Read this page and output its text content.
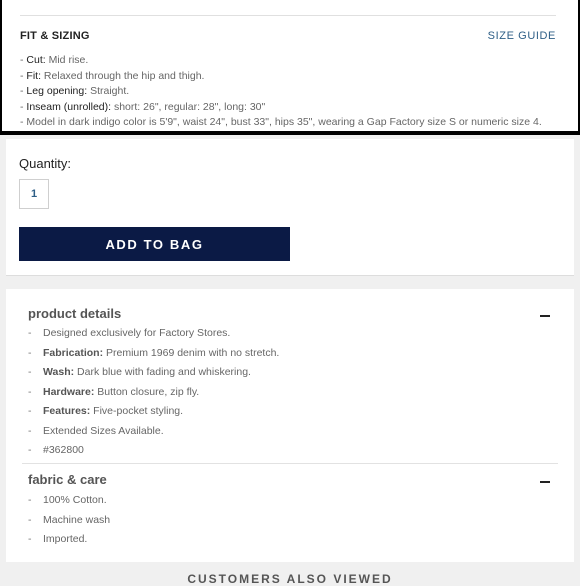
FIT & SIZING	SIZE GUIDE
- Cut: Mid rise.
- Fit: Relaxed through the hip and thigh.
- Leg opening: Straight.
- Inseam (unrolled): short: 26", regular: 28", long: 30"
- Model in dark indigo color is 5'9", waist 24", bust 33", hips 35", wearing a Gap Factory size S or numeric size 4.
Quantity:
1
ADD TO BAG
product details
- Designed exclusively for Factory Stores.
- Fabrication: Premium 1969 denim with no stretch.
- Wash: Dark blue with fading and whiskering.
- Hardware: Button closure, zip fly.
- Features: Five-pocket styling.
- Extended Sizes Available.
- #362800
fabric & care
- 100% Cotton.
- Machine wash
- Imported.
CUSTOMERS ALSO VIEWED
